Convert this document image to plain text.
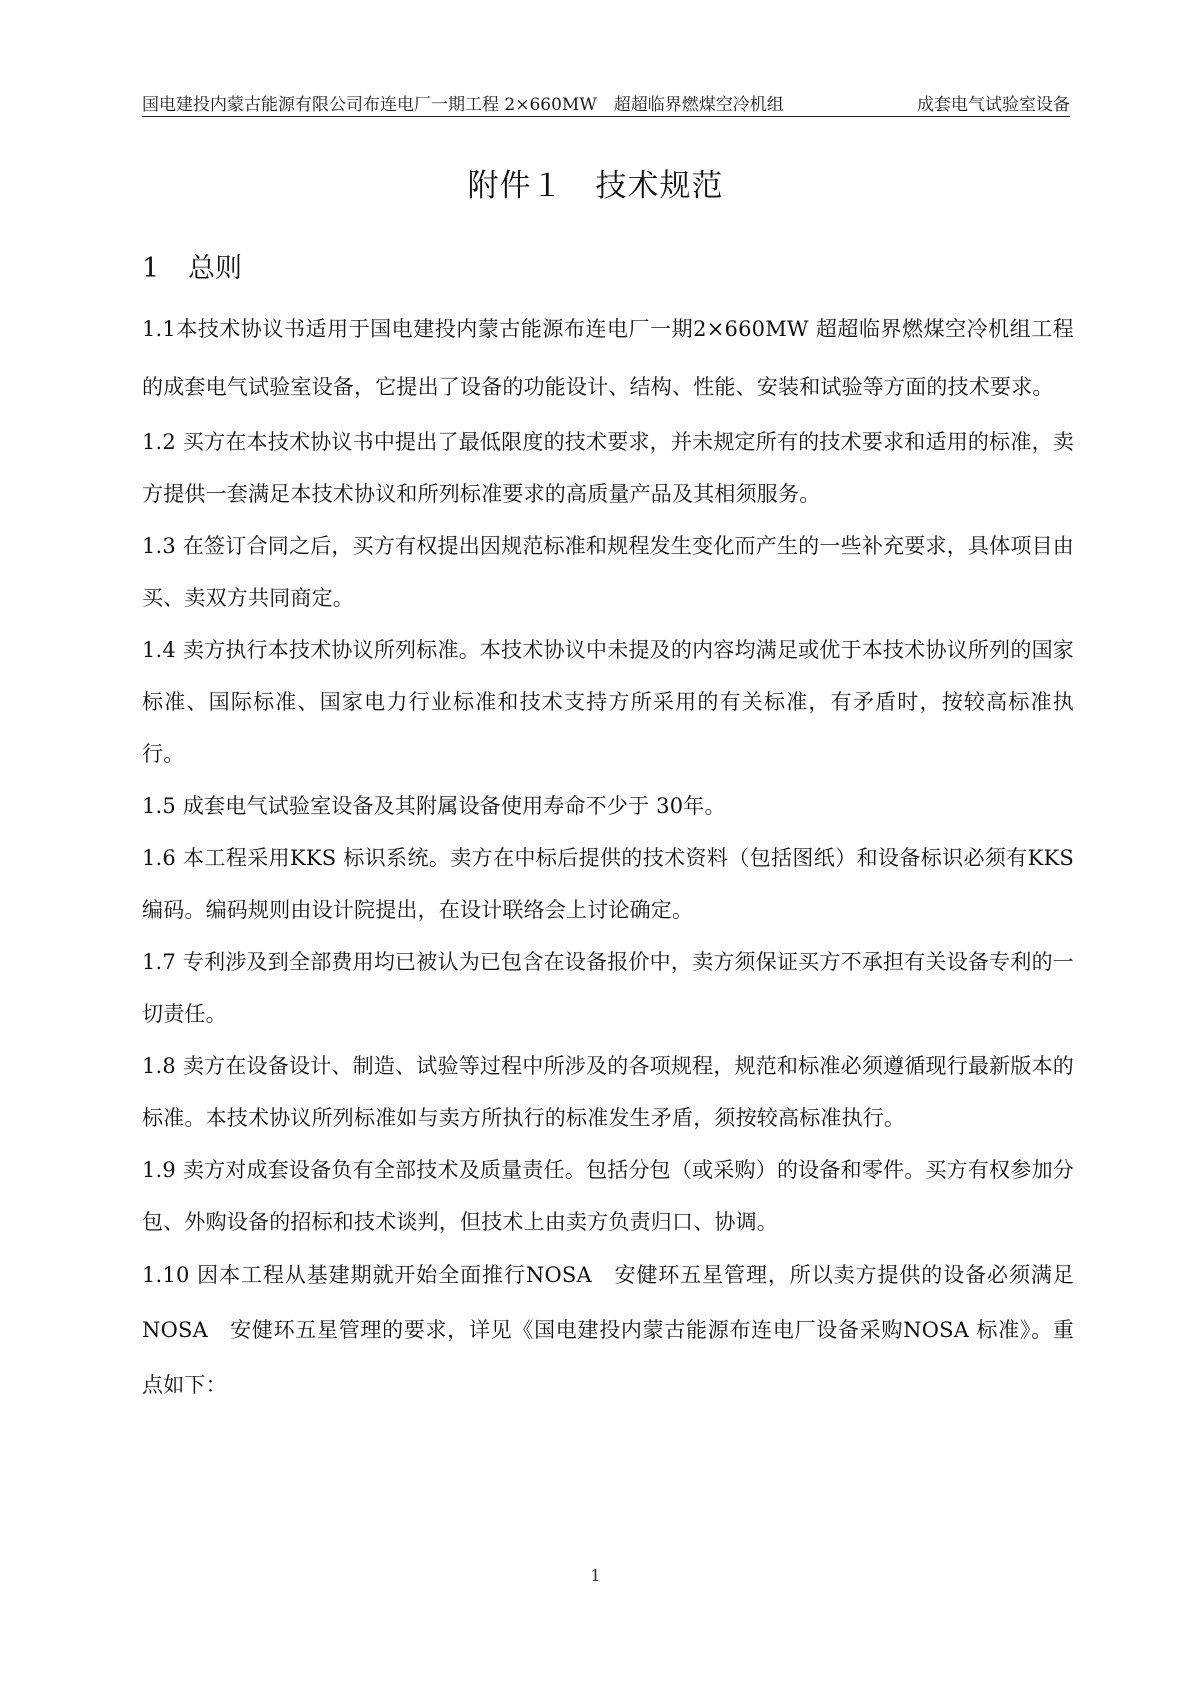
国电建投内蒙古能源有限公司布连电厂一期工程 2×660MW　超超临界燃煤空冷机组	成套电气试验室设备
附件１　技术规范
1 总则

1.1本技术协议书适用于国电建投内蒙古能源布连电厂一期2×660MW 超超临界燃煤空冷机组工程的成套电气试验室设备，它提出了设备的功能设计、结构、性能、安装和试验等方面的技术要求。

1.2 买方在本技术协议书中提出了最低限度的技术要求，并未规定所有的技术要求和适用的标准，卖方提供一套满足本技术协议和所列标准要求的高质量产品及其相须服务。

1.3 在签订合同之后，买方有权提出因规范标准和规程发生变化而产生的一些补充要求，具体项目由买、卖双方共同商定。

1.4 卖方执行本技术协议所列标准。本技术协议中未提及的内容均满足或优于本技术协议所列的国家标准、国际标准、国家电力行业标准和技术支持方所采用的有关标准，有矛盾时，按较高标准执行。

1.5 成套电气试验室设备及其附属设备使用寿命不少于 30年。

1.6 本工程采用KKS 标识系统。卖方在中标后提供的技术资料（包括图纸）和设备标识必须有KKS 编码。编码规则由设计院提出，在设计联络会上讨论确定。

1.7 专利涉及到全部费用均已被认为已包含在设备报价中，卖方须保证买方不承担有关设备专利的一切责任。

1.8 卖方在设备设计、制造、试验等过程中所涉及的各项规程，规范和标准必须遵循现行最新版本的标准。本技术协议所列标准如与卖方所执行的标准发生矛盾，须按较高标准执行。

1.9 卖方对成套设备负有全部技术及质量责任。包括分包（或采购）的设备和零件。买方有权参加分包、外购设备的招标和技术谈判，但技术上由卖方负责归口、协调。

1.10 因本工程从基建期就开始全面推行NOSA　安健环五星管理，所以卖方提供的设备必须满足 NOSA　安健环五星管理的要求，详见《国电建投内蒙古能源布连电厂设备采购NOSA 标准》。重点如下：

1
